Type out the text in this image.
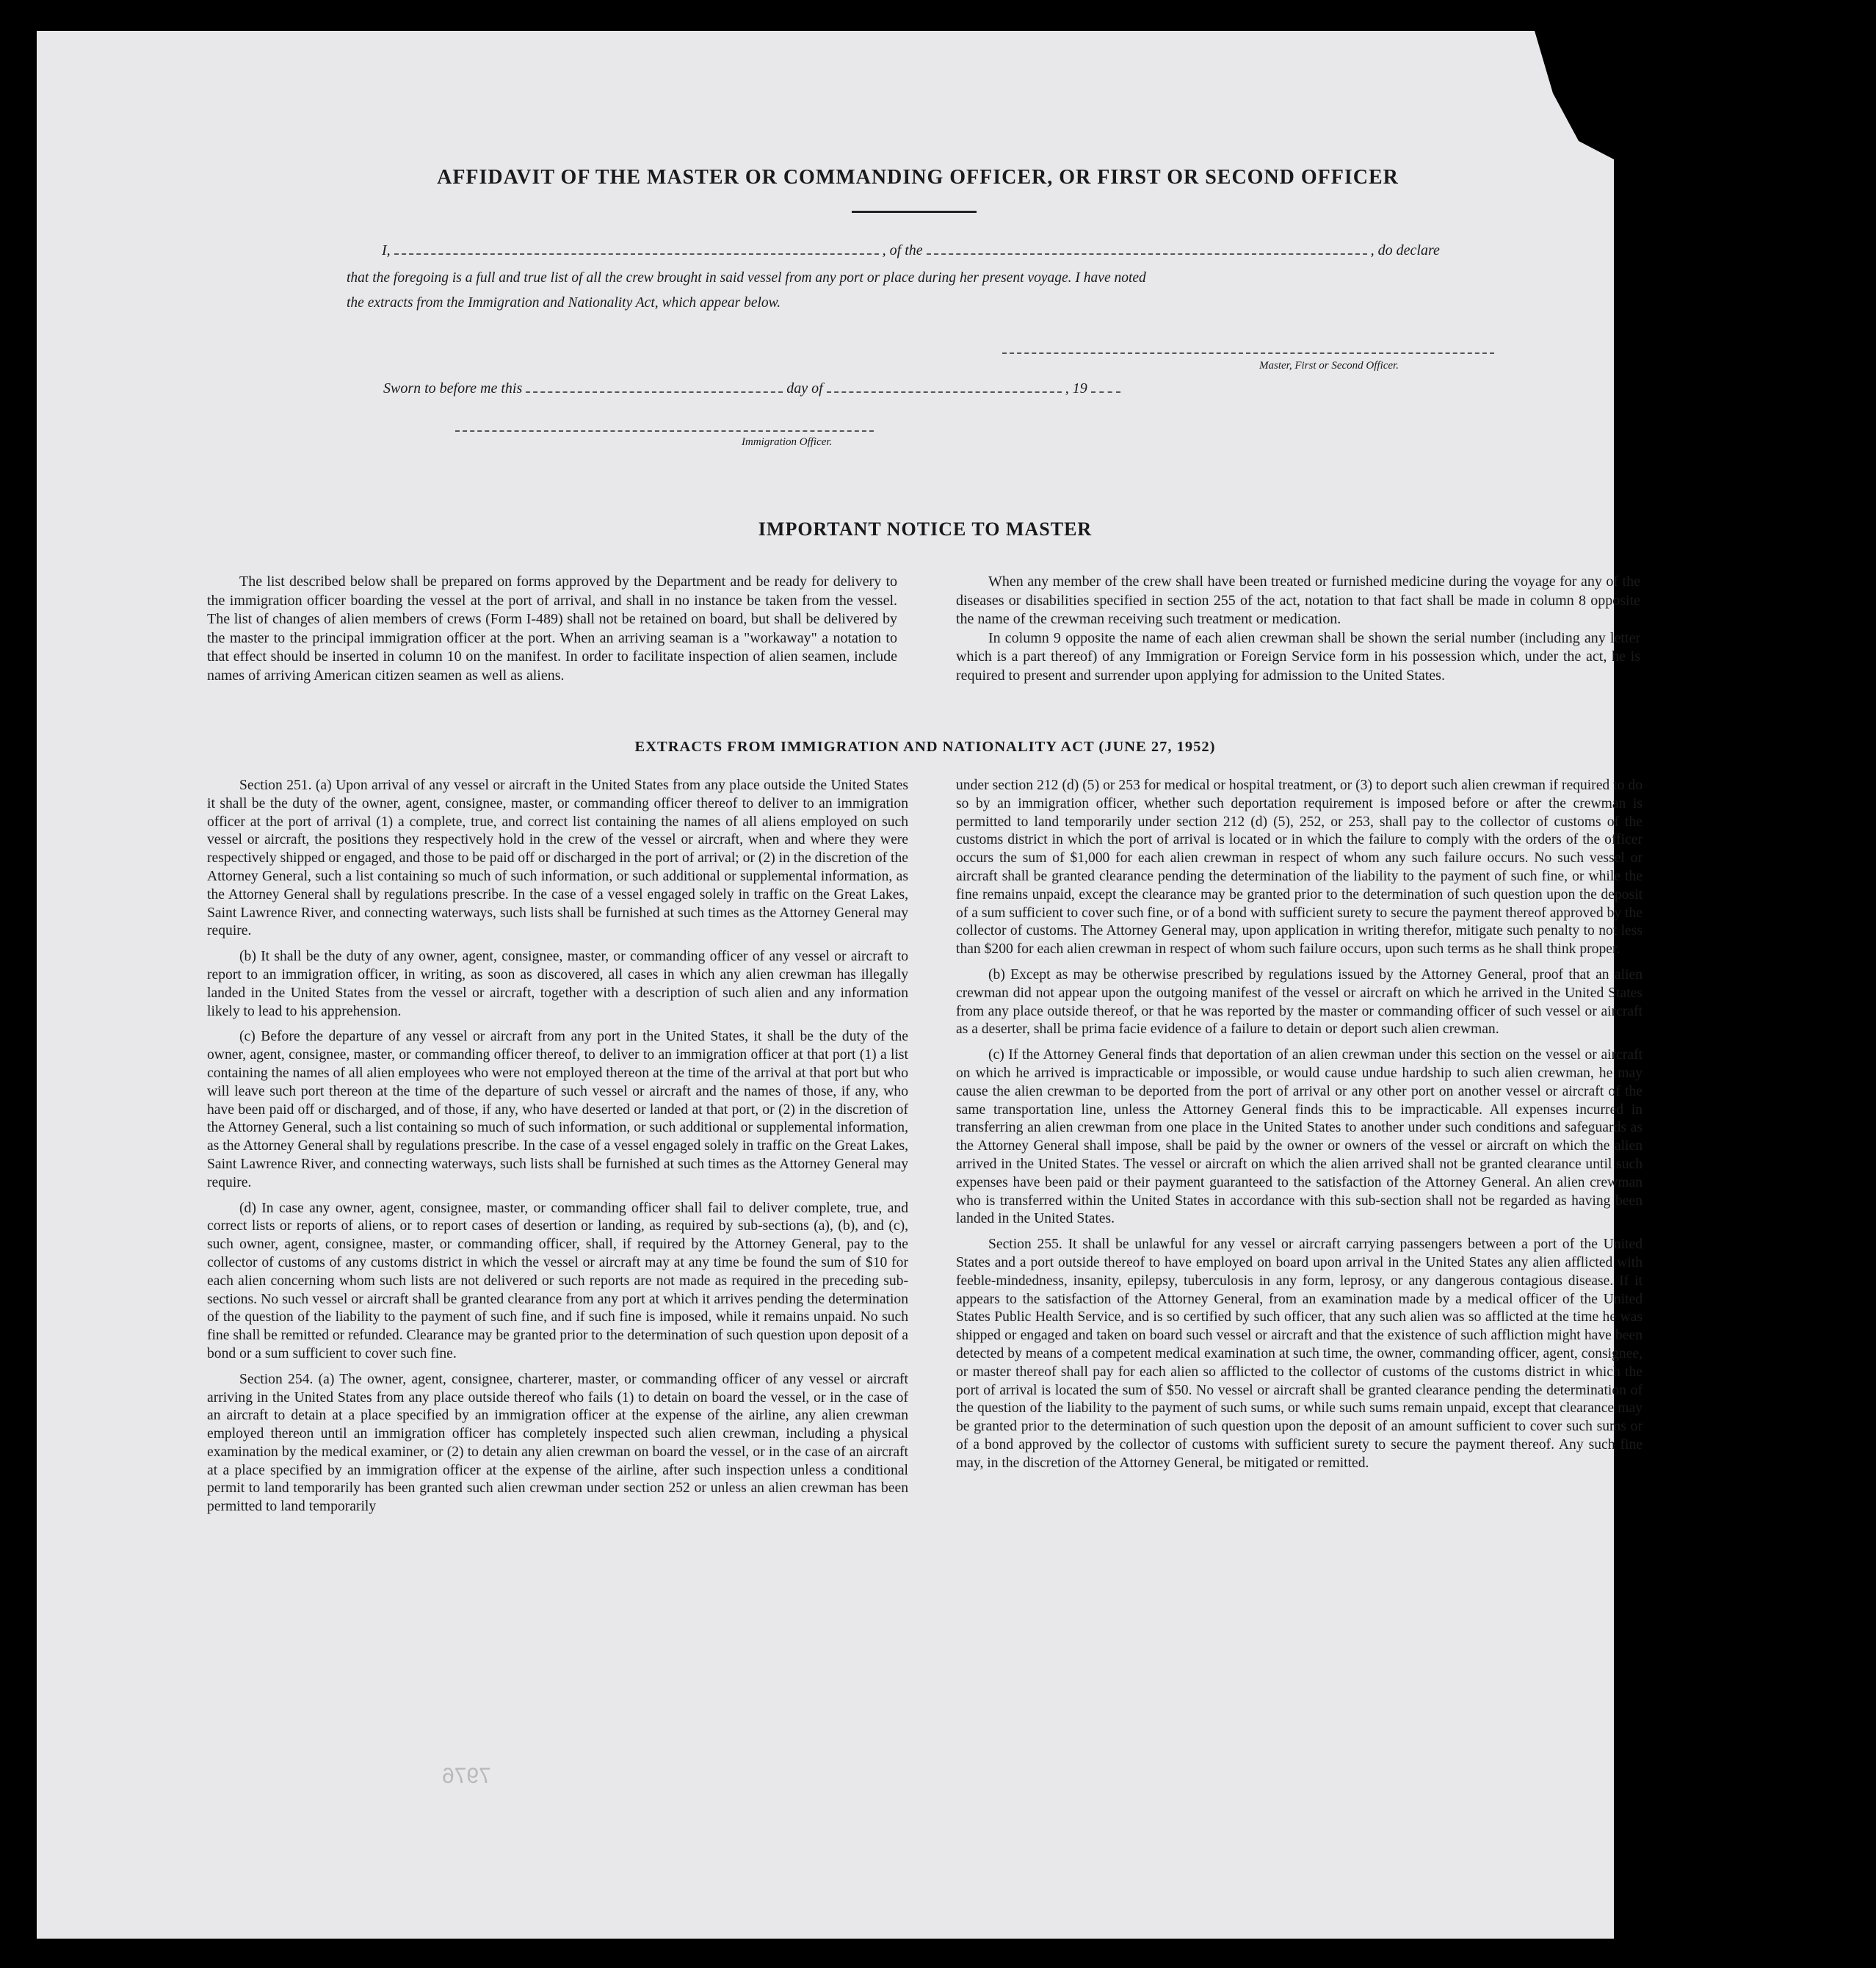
AFFIDAVIT OF THE MASTER OR COMMANDING OFFICER, OR FIRST OR SECOND OFFICER
I,	, of the	, do declare
that the foregoing is a full and true list of all the crew brought in said vessel from any port or place during her present voyage. I have noted
the extracts from the Immigration and Nationality Act, which appear below.
Master, First or Second Officer.
Sworn to before me this	day of	, 19
Immigration Officer.
IMPORTANT NOTICE TO MASTER

The list described below shall be prepared on forms approved by the Department and be ready for delivery to the immigration officer boarding the vessel at the port of arrival, and shall in no instance be taken from the vessel. The list of changes of alien members of crews (Form I-489) shall not be retained on board, but shall be delivered by the master to the principal immigration officer at the port. When an arriving seaman is a "workaway" a notation to that effect should be inserted in column 10 on the manifest. In order to facilitate inspection of alien seamen, include names of arriving American citizen seamen as well as aliens.

When any member of the crew shall have been treated or furnished medicine during the voyage for any of the diseases or disabilities specified in section 255 of the act, notation to that fact shall be made in column 8 opposite the name of the crewman receiving such treatment or medication.

In column 9 opposite the name of each alien crewman shall be shown the serial number (including any letter which is a part thereof) of any Immigration or Foreign Service form in his possession which, under the act, he is required to present and surrender upon applying for admission to the United States.

EXTRACTS FROM IMMIGRATION AND NATIONALITY ACT (JUNE 27, 1952)

Section 251. (a) Upon arrival of any vessel or aircraft in the United States from any place outside the United States it shall be the duty of the owner, agent, consignee, master, or commanding officer thereof to deliver to an immigration officer at the port of arrival (1) a complete, true, and correct list containing the names of all aliens employed on such vessel or aircraft, the positions they respectively hold in the crew of the vessel or aircraft, when and where they were respectively shipped or engaged, and those to be paid off or discharged in the port of arrival; or (2) in the discretion of the Attorney General, such a list containing so much of such information, or such additional or supplemental information, as the Attorney General shall by regulations prescribe. In the case of a vessel engaged solely in traffic on the Great Lakes, Saint Lawrence River, and connecting waterways, such lists shall be furnished at such times as the Attorney General may require.

(b) It shall be the duty of any owner, agent, consignee, master, or commanding officer of any vessel or aircraft to report to an immigration officer, in writing, as soon as discovered, all cases in which any alien crewman has illegally landed in the United States from the vessel or aircraft, together with a description of such alien and any information likely to lead to his apprehension.

(c) Before the departure of any vessel or aircraft from any port in the United States, it shall be the duty of the owner, agent, consignee, master, or commanding officer thereof, to deliver to an immigration officer at that port (1) a list containing the names of all alien employees who were not employed thereon at the time of the arrival at that port but who will leave such port thereon at the time of the departure of such vessel or aircraft and the names of those, if any, who have been paid off or discharged, and of those, if any, who have deserted or landed at that port, or (2) in the discretion of the Attorney General, such a list containing so much of such information, or such additional or supplemental information, as the Attorney General shall by regulations prescribe. In the case of a vessel engaged solely in traffic on the Great Lakes, Saint Lawrence River, and connecting waterways, such lists shall be furnished at such times as the Attorney General may require.

(d) In case any owner, agent, consignee, master, or commanding officer shall fail to deliver complete, true, and correct lists or reports of aliens, or to report cases of desertion or landing, as required by sub-sections (a), (b), and (c), such owner, agent, consignee, master, or commanding officer, shall, if required by the Attorney General, pay to the collector of customs of any customs district in which the vessel or aircraft may at any time be found the sum of $10 for each alien concerning whom such lists are not delivered or such reports are not made as required in the preceding sub-sections. No such vessel or aircraft shall be granted clearance from any port at which it arrives pending the determination of the question of the liability to the payment of such fine, and if such fine is imposed, while it remains unpaid. No such fine shall be remitted or refunded. Clearance may be granted prior to the determination of such question upon deposit of a bond or a sum sufficient to cover such fine.

Section 254. (a) The owner, agent, consignee, charterer, master, or commanding officer of any vessel or aircraft arriving in the United States from any place outside thereof who fails (1) to detain on board the vessel, or in the case of an aircraft to detain at a place specified by an immigration officer at the expense of the airline, any alien crewman employed thereon until an immigration officer has completely inspected such alien crewman, including a physical examination by the medical examiner, or (2) to detain any alien crewman on board the vessel, or in the case of an aircraft at a place specified by an immigration officer at the expense of the airline, after such inspection unless a conditional permit to land temporarily has been granted such alien crewman under section 252 or unless an alien crewman has been permitted to land temporarily

under section 212 (d) (5) or 253 for medical or hospital treatment, or (3) to deport such alien crewman if required to do so by an immigration officer, whether such deportation requirement is imposed before or after the crewman is permitted to land temporarily under section 212 (d) (5), 252, or 253, shall pay to the collector of customs of the customs district in which the port of arrival is located or in which the failure to comply with the orders of the officer occurs the sum of $1,000 for each alien crewman in respect of whom any such failure occurs. No such vessel or aircraft shall be granted clearance pending the determination of the liability to the payment of such fine, or while the fine remains unpaid, except the clearance may be granted prior to the determination of such question upon the deposit of a sum sufficient to cover such fine, or of a bond with sufficient surety to secure the payment thereof approved by the collector of customs. The Attorney General may, upon application in writing therefor, mitigate such penalty to not less than $200 for each alien crewman in respect of whom such failure occurs, upon such terms as he shall think proper.

(b) Except as may be otherwise prescribed by regulations issued by the Attorney General, proof that an alien crewman did not appear upon the outgoing manifest of the vessel or aircraft on which he arrived in the United States from any place outside thereof, or that he was reported by the master or commanding officer of such vessel or aircraft as a deserter, shall be prima facie evidence of a failure to detain or deport such alien crewman.

(c) If the Attorney General finds that deportation of an alien crewman under this section on the vessel or aircraft on which he arrived is impracticable or impossible, or would cause undue hardship to such alien crewman, he may cause the alien crewman to be deported from the port of arrival or any other port on another vessel or aircraft of the same transportation line, unless the Attorney General finds this to be impracticable. All expenses incurred in transferring an alien crewman from one place in the United States to another under such conditions and safeguards as the Attorney General shall impose, shall be paid by the owner or owners of the vessel or aircraft on which the alien arrived in the United States. The vessel or aircraft on which the alien arrived shall not be granted clearance until such expenses have been paid or their payment guaranteed to the satisfaction of the Attorney General. An alien crewman who is transferred within the United States in accordance with this sub-section shall not be regarded as having been landed in the United States.

Section 255. It shall be unlawful for any vessel or aircraft carrying passengers between a port of the United States and a port outside thereof to have employed on board upon arrival in the United States any alien afflicted with feeble-mindedness, insanity, epilepsy, tuberculosis in any form, leprosy, or any dangerous contagious disease. If it appears to the satisfaction of the Attorney General, from an examination made by a medical officer of the United States Public Health Service, and is so certified by such officer, that any such alien was so afflicted at the time he was shipped or engaged and taken on board such vessel or aircraft and that the existence of such affliction might have been detected by means of a competent medical examination at such time, the owner, commanding officer, agent, consignee, or master thereof shall pay for each alien so afflicted to the collector of customs of the customs district in which the port of arrival is located the sum of $50. No vessel or aircraft shall be granted clearance pending the determination of the question of the liability to the payment of such sums, or while such sums remain unpaid, except that clearance may be granted prior to the determination of such question upon the deposit of an amount sufficient to cover such sums or of a bond approved by the collector of customs with sufficient surety to secure the payment thereof. Any such fine may, in the discretion of the Attorney General, be mitigated or remitted.

7976
